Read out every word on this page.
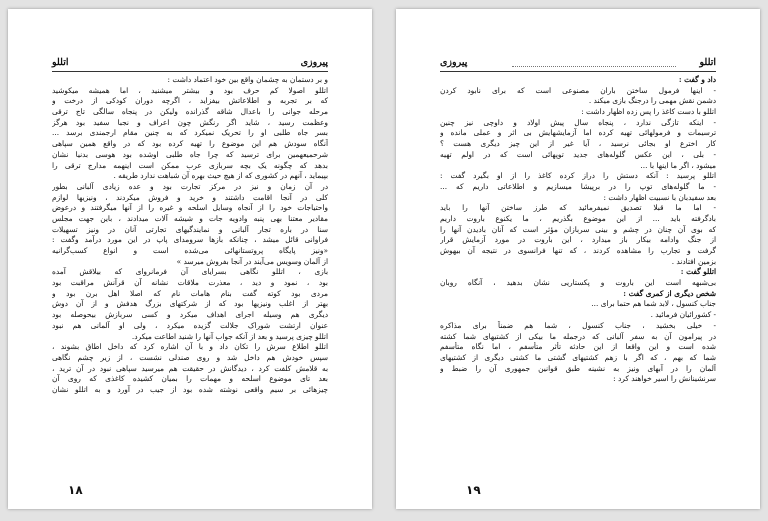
پیروزی
اتللو
و بر دستمان به چشمان واقع بین خود اعتماد داشت :
اتللو اصولا کم حرف بود و بیشتر میشنید ، اما همیشه میکوشید
که بر تجربه و اطلاعاتش بیفزاید ، اگرچه دوران کودکی از درخت و
مرحله جوانی را باعدال شاقه گذرانده ولیکن در پنجاه سالگی تاج ترقی
وعظمت رسید ، شاید اگر رنگش چون اعراف و نجبا سفید بود هرگز
بسر جاه طلبی او را تحریک نمیکرد که به چنین مقام ارجمندی برسد ...
آنگاه سودش هم این موضوع را تهیه کرده بود که در واقع همین سپاهی
شرحمیعهمین برای ترسید که چرا جاه طلبی اوشده بود هوسی بدنیا نشان
بدهد که چگونه یک بچه سربازی عرب ممکن است اینهمه مدارج ترقی را
بپیماید ، آنهم در کشوری که از هیچ حیث بهره آن شباهت ندارد طریقه .
در آن زمان و نیز در مرکز تجارت بود و عده زیادی آلبانی بطور
کلی در آنجا اقامت داشتند و خرید و فروش میکردند ، ونیزیها لوازم
واحتیاجات خود را از آنجاه وسایل اسلحه و غیره را از آنها میگرفتند و درعوض
مقادیر معتنا بهی پنبه وادویه جات و شیشه آلات میدادند ، باین جهت مجلس
سنا در باره تجار آلبانی و نمایندگیهای تجارتی آنان در ونیز تسهیلات
فراوانی قائل میشد ، چنانکه بازها سرومدای پاپ در این مورد درآمد وگفت :
«ونیز پایگاه پروتستانهائی می‌شده است و انواع کسب‌گرانیه
از آلمان وسویس می‌آیند در آنجا بفروش میرسد »
بازی ، اتللو نگاهی بسرایای آن فرمانروای که بیلاقش آمده
بود ، نمود و دید ، معذرت ملاقات نشانه آن قرآنش مراقبت بود
مردی بود کوته گفت بنام هامات نام که اصلا اهل برن بود و
بهتر از اغلب ونیزیها بود که از شرکتهای بزرگ هدفش و از آن دوش
دیگری هم وسیله اجرای اهداف میکرد و کسی سربازش بیحوصله بود
عنوان ارتشت شوراک جلالت گزیده میکرد ، ولی او آلمانی هم نبود
اتللو چیزی پرسید و بعد از آنکه جواب آنها را شنید اطاعت میکرد.
اتللو اطلاع سرش را تکان داد و با آن اشاره کرد که داخل اطاق بشوند ،
سپس خودش هم داخل شد و روی صندلی نشست ، از زیر چشم نگاهی
به قلامش کلفت کرد ، دیدگانش در حقیقت هم میرسید سپاهی نبود در آن ترید ،
بعد تای موضوع اسلحه و مهمات را بمیان کشیده کاغذی که روی آن
چیزهائی بر سیم واقعی نوشته شده بود از جیب در آورد و به اتللو نشان
۱۸
اتللو
پیروزی
داد و گفت :
- اینها فرمول ساختن باران مصنوعی است که برای نابود کردن
دشمن نقش مهمی را درجنگ بازی میکند .
اتللو با دست کاغذ را پس زده اظهار داشت :
- اینکه تازگی ندارد ، پنجاه سال پیش اولاد و داوچی نیز چنین
ترسیمات و فرمولهائی تهیه کرده اما آزمایشهایش بی اثر و عملی مانده و
کار اخترع او بجائی نرسید ، آیا غیر از این چیز دیگری هست ؟
- بلی ، این عکس گلوله‌های جدید توپهائی است که در اولم تهیه
میشود ، اگر ما اینها با ...
اتللو پرسید : آنکه دستش را دراز کرده کاغذ را از او بگیرد گفت :
- ما گلوله‌های توپ را در برپیشا میسازیم و اطلاعاتی داریم که ...
بعد سفیدبان با نسبیت اظهار داشت :
- اما ما قبلا تصدیق نمیفرمائید که طرز ساختن آنها را باید
بادگرفته باید ... از این موضوع بگذریم ، ما یکنوع باروت داریم
که بوی آن چنان در چشم و بینی سربازان مؤثر است که آنان بادیدن آنها را
از جنگ وادامه بیکار باز میدارد ، این باروت در مورد آزمایش قرار
گرفت و تجارب را مشاهده کردند ، که تنها فرانسوی در نتیجه آن بیهوش
بزمین افتادند .
اتللو گفت :
بی‌شبهه است این باروت و پکستاریی نشان بدهید ، آنگاه روبان
شخص دیگری از کمری گفت :
جناب کنسول ، لابد شما هم حتما برای ...
- کشورائیان فرمائید .
- خیلی بخشید ، جناب کنسول ، شما هم ضمناً برای مذاکره
در پیرامون آن به سفر آلبانی که درجمله ما بیکی از کشتیهای شما کشته
شده است و این واقعا از این حادثه تأثر متأسفم ، اما نگاه متأسفم
شما که بهم ، که اگر با زهم کشتیهای گشتی ما کشتی دیگری از کشتیهای
آلمان را در آبهای ونیز به نشینه طبق قوانین جمهوری آن را ضبط و
سرنشینانش را اسیر خواهند کرد :
۱۹
